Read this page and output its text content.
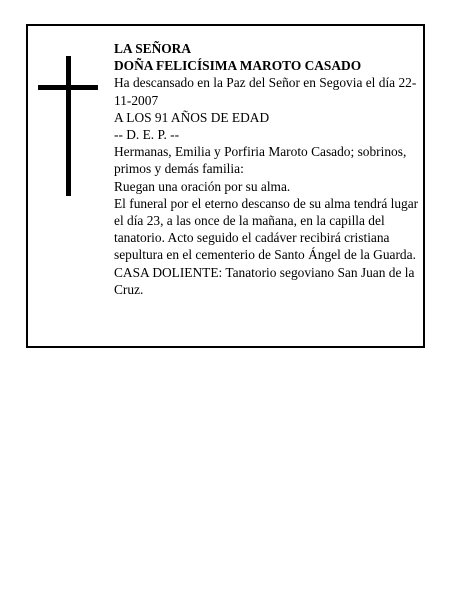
LA SEÑORA

DOÑA FELICÍSIMA MAROTO CASADO

Ha descansado en la Paz del Señor en Segovia el día 22-11-2007

A LOS 91 AÑOS DE EDAD

-- D. E. P. --

Hermanas, Emilia y Porfiria Maroto Casado; sobrinos, primos y demás familia:

Ruegan una oración por su alma.

El funeral por el eterno descanso de su alma tendrá lugar el día 23, a las once de la mañana, en la capilla del tanatorio. Acto seguido el cadáver recibirá cristiana sepultura en el cementerio de Santo Ángel de la Guarda.

CASA DOLIENTE: Tanatorio segoviano San Juan de la Cruz.
